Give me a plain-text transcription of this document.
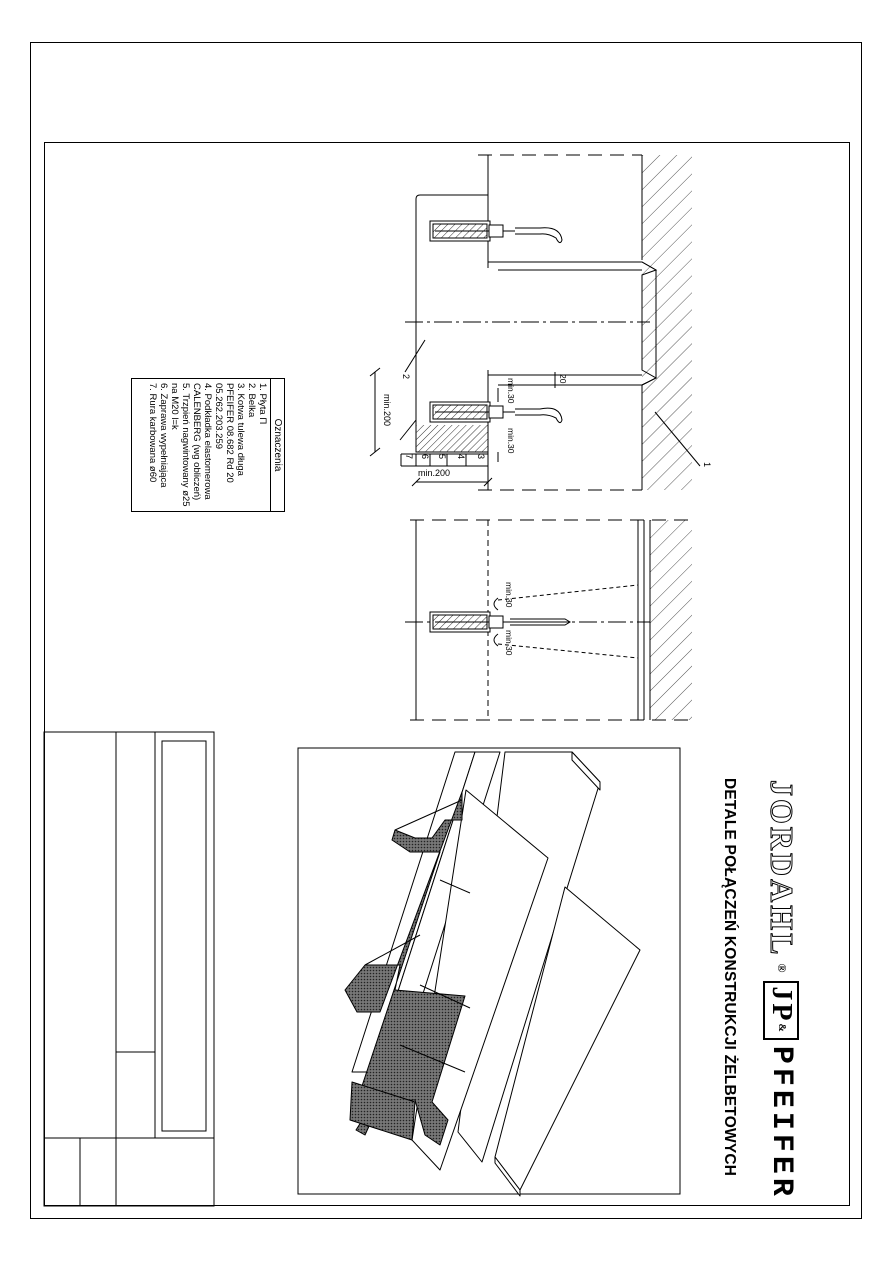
min.200
min.200
min.30
min.30
min.30
min.30
20
1
2
3
4
5
6
7
Oznaczenia
1. Płyta Π
2. Belka
3. Kotwa tulewa długa
PFEIFER 08.682 Rd 20
05.262.203.259
4. Podkładka elastomerowa
CALENBERG (wg obliczeń)
5. Trzpień nagwintowany ø25
na M20 l=k
6. Zaprawa wypełniająca
7. Rura karbowana ø60
JORDAHL
®
JP
&
PFEIFER
DETALE POŁĄCZEŃ KONSTRUKCJI ŻELBETOWYCH
